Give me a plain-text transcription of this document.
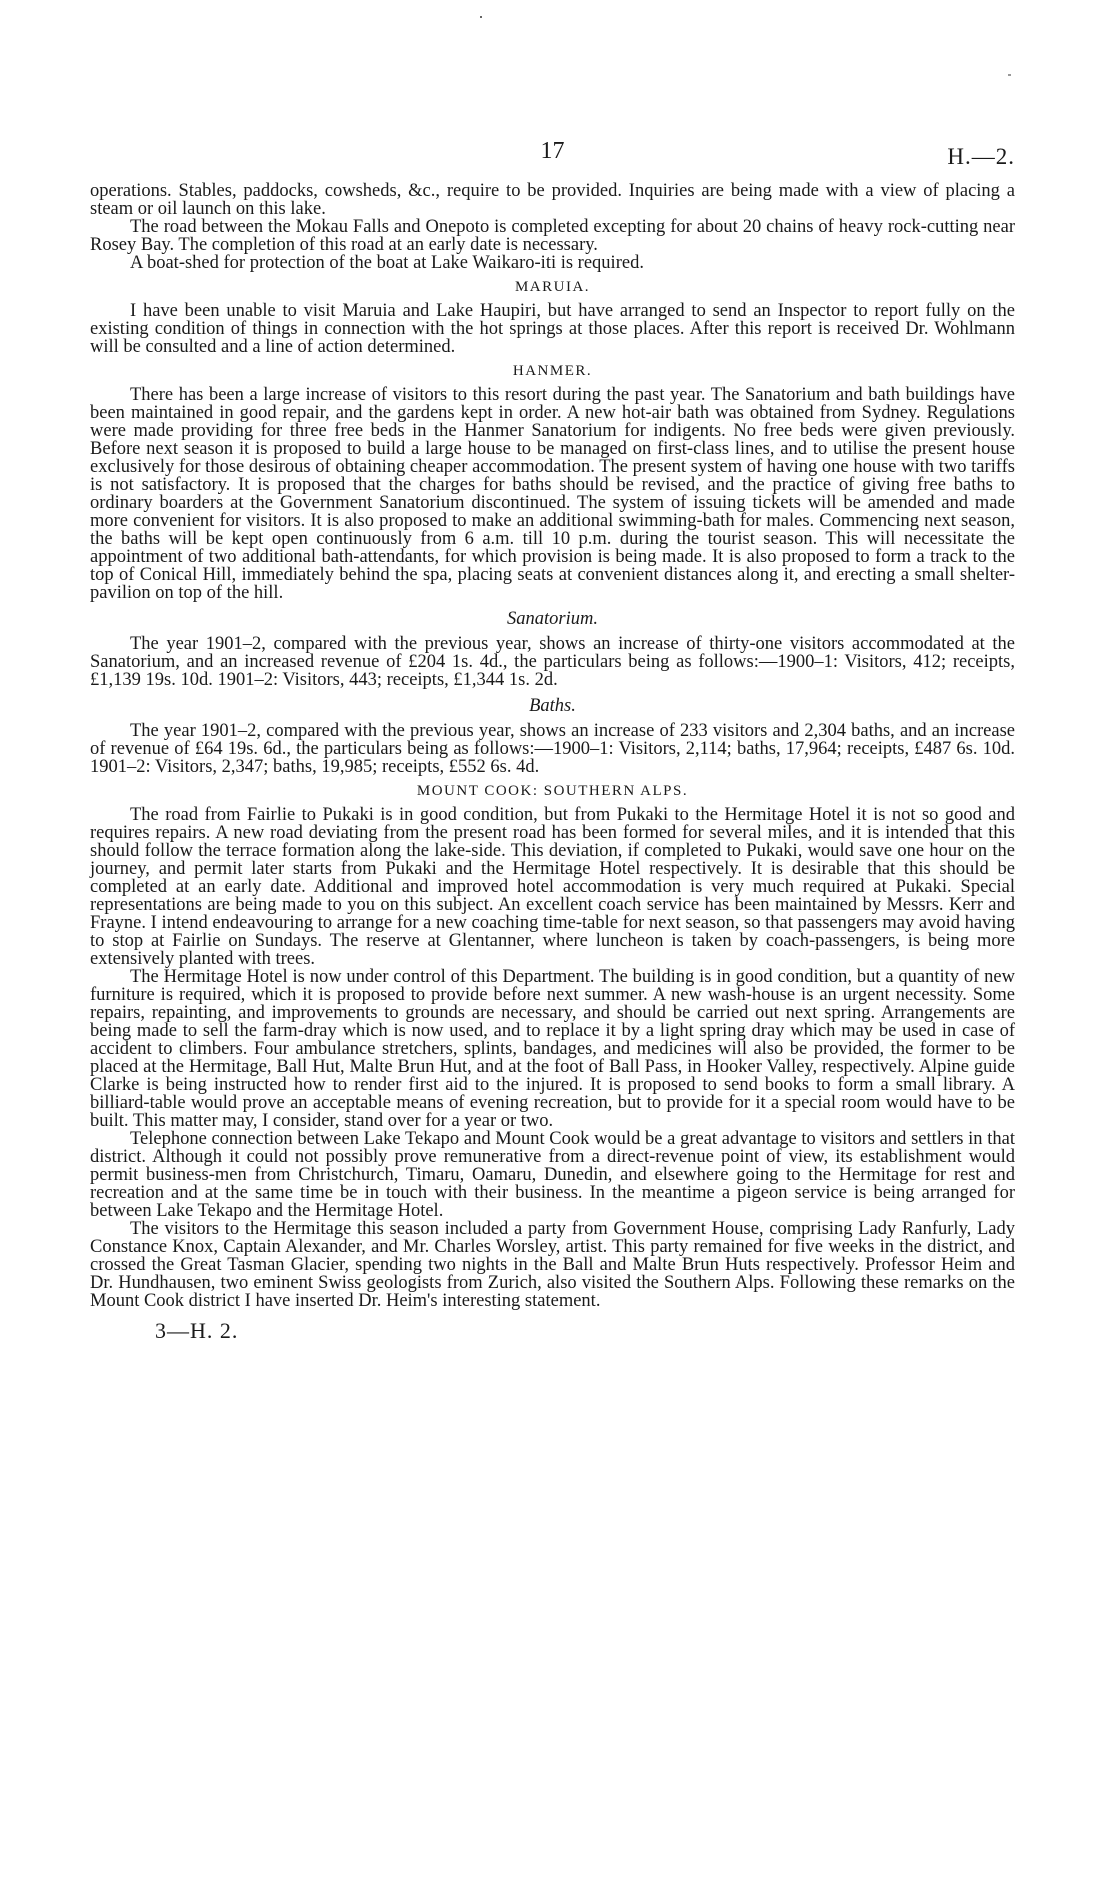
17	H.—2.

operations. Stables, paddocks, cowsheds, &c., require to be provided. Inquiries are being made with a view of placing a steam or oil launch on this lake.

The road between the Mokau Falls and Onepoto is completed excepting for about 20 chains of heavy rock-cutting near Rosey Bay. The completion of this road at an early date is necessary.

A boat-shed for protection of the boat at Lake Waikaro-iti is required.

MARUIA.

I have been unable to visit Maruia and Lake Haupiri, but have arranged to send an Inspector to report fully on the existing condition of things in connection with the hot springs at those places. After this report is received Dr. Wohlmann will be consulted and a line of action determined.

HANMER.

There has been a large increase of visitors to this resort during the past year. The Sanatorium and bath buildings have been maintained in good repair, and the gardens kept in order. A new hot-air bath was obtained from Sydney. Regulations were made providing for three free beds in the Hanmer Sanatorium for indigents. No free beds were given previously. Before next season it is proposed to build a large house to be managed on first-class lines, and to utilise the present house exclusively for those desirous of obtaining cheaper accommodation. The present system of having one house with two tariffs is not satisfactory. It is proposed that the charges for baths should be revised, and the practice of giving free baths to ordinary boarders at the Government Sanatorium discontinued. The system of issuing tickets will be amended and made more convenient for visitors. It is also proposed to make an additional swimming-bath for males. Commencing next season, the baths will be kept open continuously from 6 a.m. till 10 p.m. during the tourist season. This will necessitate the appointment of two additional bath-attendants, for which provision is being made. It is also proposed to form a track to the top of Conical Hill, immediately behind the spa, placing seats at convenient distances along it, and erecting a small shelter-pavilion on top of the hill.

Sanatorium.

The year 1901–2, compared with the previous year, shows an increase of thirty-one visitors accommodated at the Sanatorium, and an increased revenue of £204 1s. 4d., the particulars being as follows:—1900–1: Visitors, 412; receipts, £1,139 19s. 10d. 1901–2: Visitors, 443; receipts, £1,344 1s. 2d.

Baths.

The year 1901–2, compared with the previous year, shows an increase of 233 visitors and 2,304 baths, and an increase of revenue of £64 19s. 6d., the particulars being as follows:—1900–1: Visitors, 2,114; baths, 17,964; receipts, £487 6s. 10d. 1901–2: Visitors, 2,347; baths, 19,985; receipts, £552 6s. 4d.

MOUNT COOK: SOUTHERN ALPS.

The road from Fairlie to Pukaki is in good condition, but from Pukaki to the Hermitage Hotel it is not so good and requires repairs. A new road deviating from the present road has been formed for several miles, and it is intended that this should follow the terrace formation along the lake-side. This deviation, if completed to Pukaki, would save one hour on the journey, and permit later starts from Pukaki and the Hermitage Hotel respectively. It is desirable that this should be completed at an early date. Additional and improved hotel accommodation is very much required at Pukaki. Special representations are being made to you on this subject. An excellent coach service has been maintained by Messrs. Kerr and Frayne. I intend endeavouring to arrange for a new coaching time-table for next season, so that passengers may avoid having to stop at Fairlie on Sundays. The reserve at Glentanner, where luncheon is taken by coach-passengers, is being more extensively planted with trees.

The Hermitage Hotel is now under control of this Department. The building is in good condition, but a quantity of new furniture is required, which it is proposed to provide before next summer. A new wash-house is an urgent necessity. Some repairs, repainting, and improvements to grounds are necessary, and should be carried out next spring. Arrangements are being made to sell the farm-dray which is now used, and to replace it by a light spring dray which may be used in case of accident to climbers. Four ambulance stretchers, splints, bandages, and medicines will also be provided, the former to be placed at the Hermitage, Ball Hut, Malte Brun Hut, and at the foot of Ball Pass, in Hooker Valley, respectively. Alpine guide Clarke is being instructed how to render first aid to the injured. It is proposed to send books to form a small library. A billiard-table would prove an acceptable means of evening recreation, but to provide for it a special room would have to be built. This matter may, I consider, stand over for a year or two.

Telephone connection between Lake Tekapo and Mount Cook would be a great advantage to visitors and settlers in that district. Although it could not possibly prove remunerative from a direct-revenue point of view, its establishment would permit business-men from Christchurch, Timaru, Oamaru, Dunedin, and elsewhere going to the Hermitage for rest and recreation and at the same time be in touch with their business. In the meantime a pigeon service is being arranged for between Lake Tekapo and the Hermitage Hotel.

The visitors to the Hermitage this season included a party from Government House, comprising Lady Ranfurly, Lady Constance Knox, Captain Alexander, and Mr. Charles Worsley, artist. This party remained for five weeks in the district, and crossed the Great Tasman Glacier, spending two nights in the Ball and Malte Brun Huts respectively. Professor Heim and Dr. Hundhausen, two eminent Swiss geologists from Zurich, also visited the Southern Alps. Following these remarks on the Mount Cook district I have inserted Dr. Heim's interesting statement.

3—H. 2.
